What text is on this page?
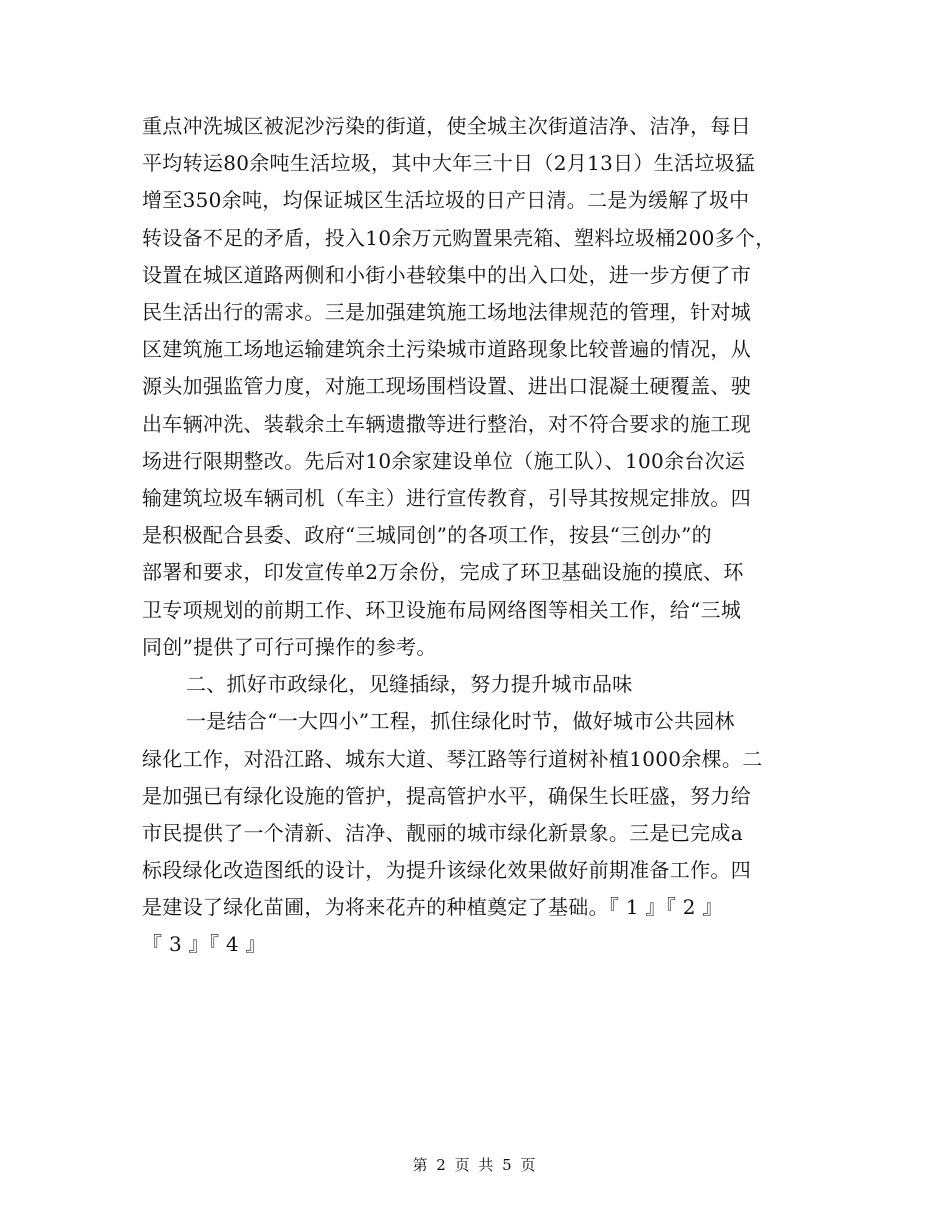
重点冲洗城区被泥沙污染的街道，使全城主次街道洁净、洁净，每日
平均转运80余吨生活垃圾，其中大年三十日（2月13日）生活垃圾猛
增至350余吨，均保证城区生活垃圾的日产日清。二是为缓解了圾中
转设备不足的矛盾，投入10余万元购置果壳箱、塑料垃圾桶200多个，
设置在城区道路两侧和小街小巷较集中的出入口处，进一步方便了市
民生活出行的需求。三是加强建筑施工场地法律规范的管理，针对城
区建筑施工场地运输建筑余土污染城市道路现象比较普遍的情况，从
源头加强监管力度，对施工现场围档设置、进出口混凝土硬覆盖、驶
出车辆冲洗、装载余土车辆遗撒等进行整治，对不符合要求的施工现
场进行限期整改。先后对10余家建设单位（施工队）、100余台次运
输建筑垃圾车辆司机（车主）进行宣传教育，引导其按规定排放。四
是积极配合县委、政府“三城同创”的各项工作，按县“三创办”的
部署和要求，印发宣传单2万余份，完成了环卫基础设施的摸底、环
卫专项规划的前期工作、环卫设施布局网络图等相关工作，给“三城
同创”提供了可行可操作的参考。
二、抓好市政绿化，见缝插绿，努力提升城市品味
一是结合“一大四小”工程，抓住绿化时节，做好城市公共园林
绿化工作，对沿江路、城东大道、琴江路等行道树补植1000余棵。二
是加强已有绿化设施的管护，提高管护水平，确保生长旺盛，努力给
市民提供了一个清新、洁净、靓丽的城市绿化新景象。三是已完成a
标段绿化改造图纸的设计，为提升该绿化效果做好前期准备工作。四
是建设了绿化苗圃，为将来花卉的种植奠定了基础。『 1 』『 2 』
『 3 』『 4 』
第 2 页 共 5 页
